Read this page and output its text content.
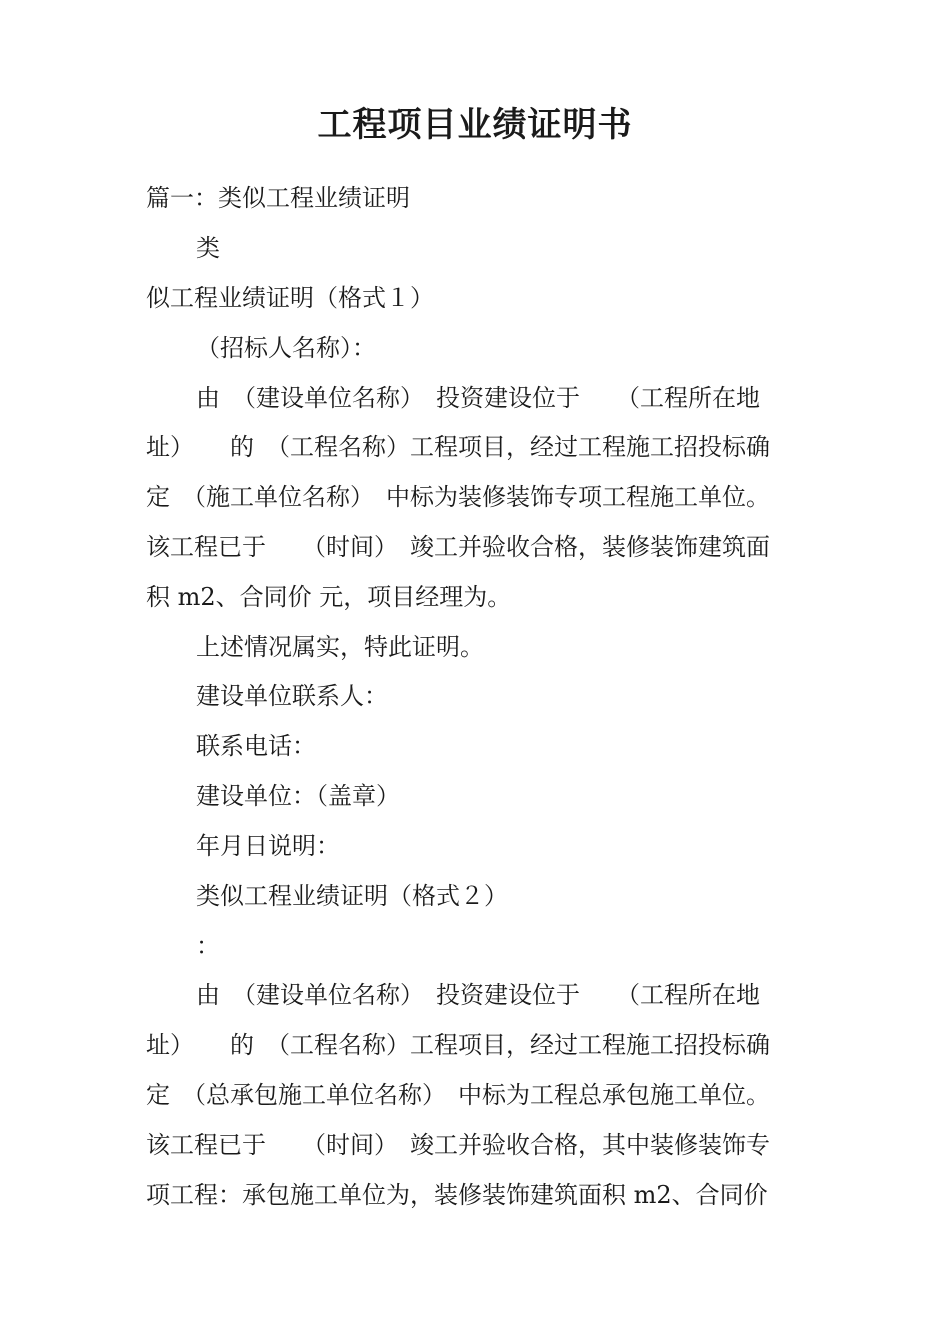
工程项目业绩证明书

篇一：类似工程业绩证明

类

似工程业绩证明（格式１）

（招标人名称）：

由　（建设单位名称）　投资建设位于　　（工程所在地

址）　　的　（工程名称）工程项目，经过工程施工招投标确

定　（施工单位名称）　中标为装修装饰专项工程施工单位。

该工程已于　　（时间）　竣工并验收合格，装修装饰建筑面

积 m2、合同价 元，项目经理为。

上述情况属实，特此证明。

建设单位联系人：

联系电话：

建设单位：（盖章）

年月日说明：

类似工程业绩证明（格式２）

：

由　（建设单位名称）　投资建设位于　　（工程所在地

址）　　的　（工程名称）工程项目，经过工程施工招投标确

定　（总承包施工单位名称）　中标为工程总承包施工单位。

该工程已于　　（时间）　竣工并验收合格，其中装修装饰专

项工程：承包施工单位为，装修装饰建筑面积 m2、合同价
